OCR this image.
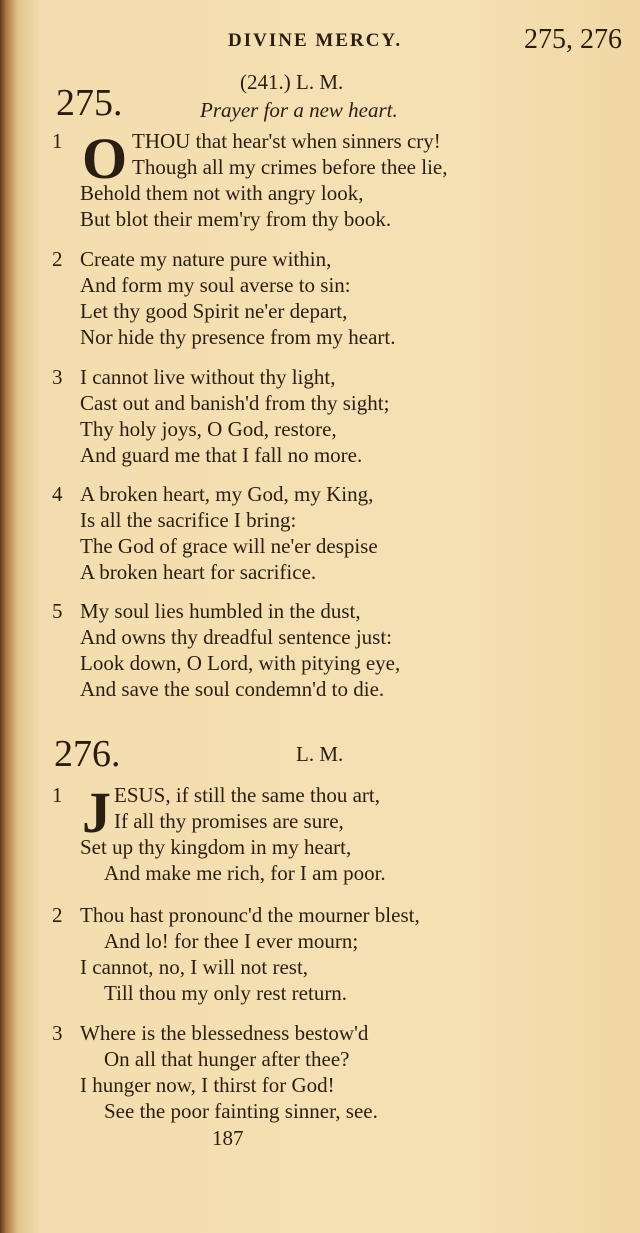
DIVINE MERCY.	275, 276
275.	(241.) L. M.
Prayer for a new heart.
1 O THOU that hear'st when sinners cry!
Though all my crimes before thee lie,
Behold them not with angry look,
But blot their mem'ry from thy book.
2 Create my nature pure within,
And form my soul averse to sin:
Let thy good Spirit ne'er depart,
Nor hide thy presence from my heart.
3 I cannot live without thy light,
Cast out and banish'd from thy sight;
Thy holy joys, O God, restore,
And guard me that I fall no more.
4 A broken heart, my God, my King,
Is all the sacrifice I bring:
The God of grace will ne'er despise
A broken heart for sacrifice.
5 My soul lies humbled in the dust,
And owns thy dreadful sentence just:
Look down, O Lord, with pitying eye,
And save the soul condemn'd to die.
276.	L. M.
1 J ESUS, if still the same thou art,
If all thy promises are sure,
Set up thy kingdom in my heart,
And make me rich, for I am poor.
2 Thou hast pronounc'd the mourner blest,
And lo! for thee I ever mourn;
I cannot, no, I will not rest,
Till thou my only rest return.
3 Where is the blessedness bestow'd
On all that hunger after thee?
I hunger now, I thirst for God!
See the poor fainting sinner, see.
187
